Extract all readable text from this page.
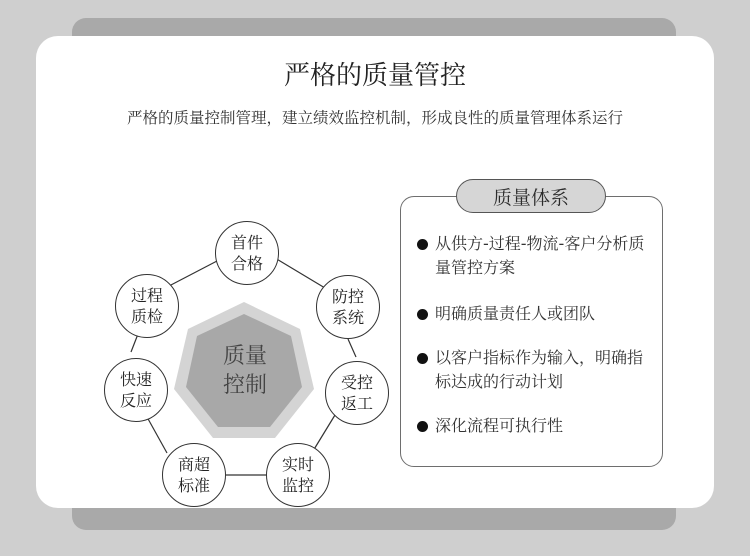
严格的质量管控
严格的质量控制管理，建立绩效监控机制，形成良性的质量管理体系运行
质量
控制
首件
合格
防控
系统
受控
返工
实时
监控
商超
标准
快速
反应
过程
质检
质量体系
从供方-过程-物流-客户分析质量管控方案
明确质量责任人或团队
以客户指标作为输入，明确指标达成的行动计划
深化流程可执行性
